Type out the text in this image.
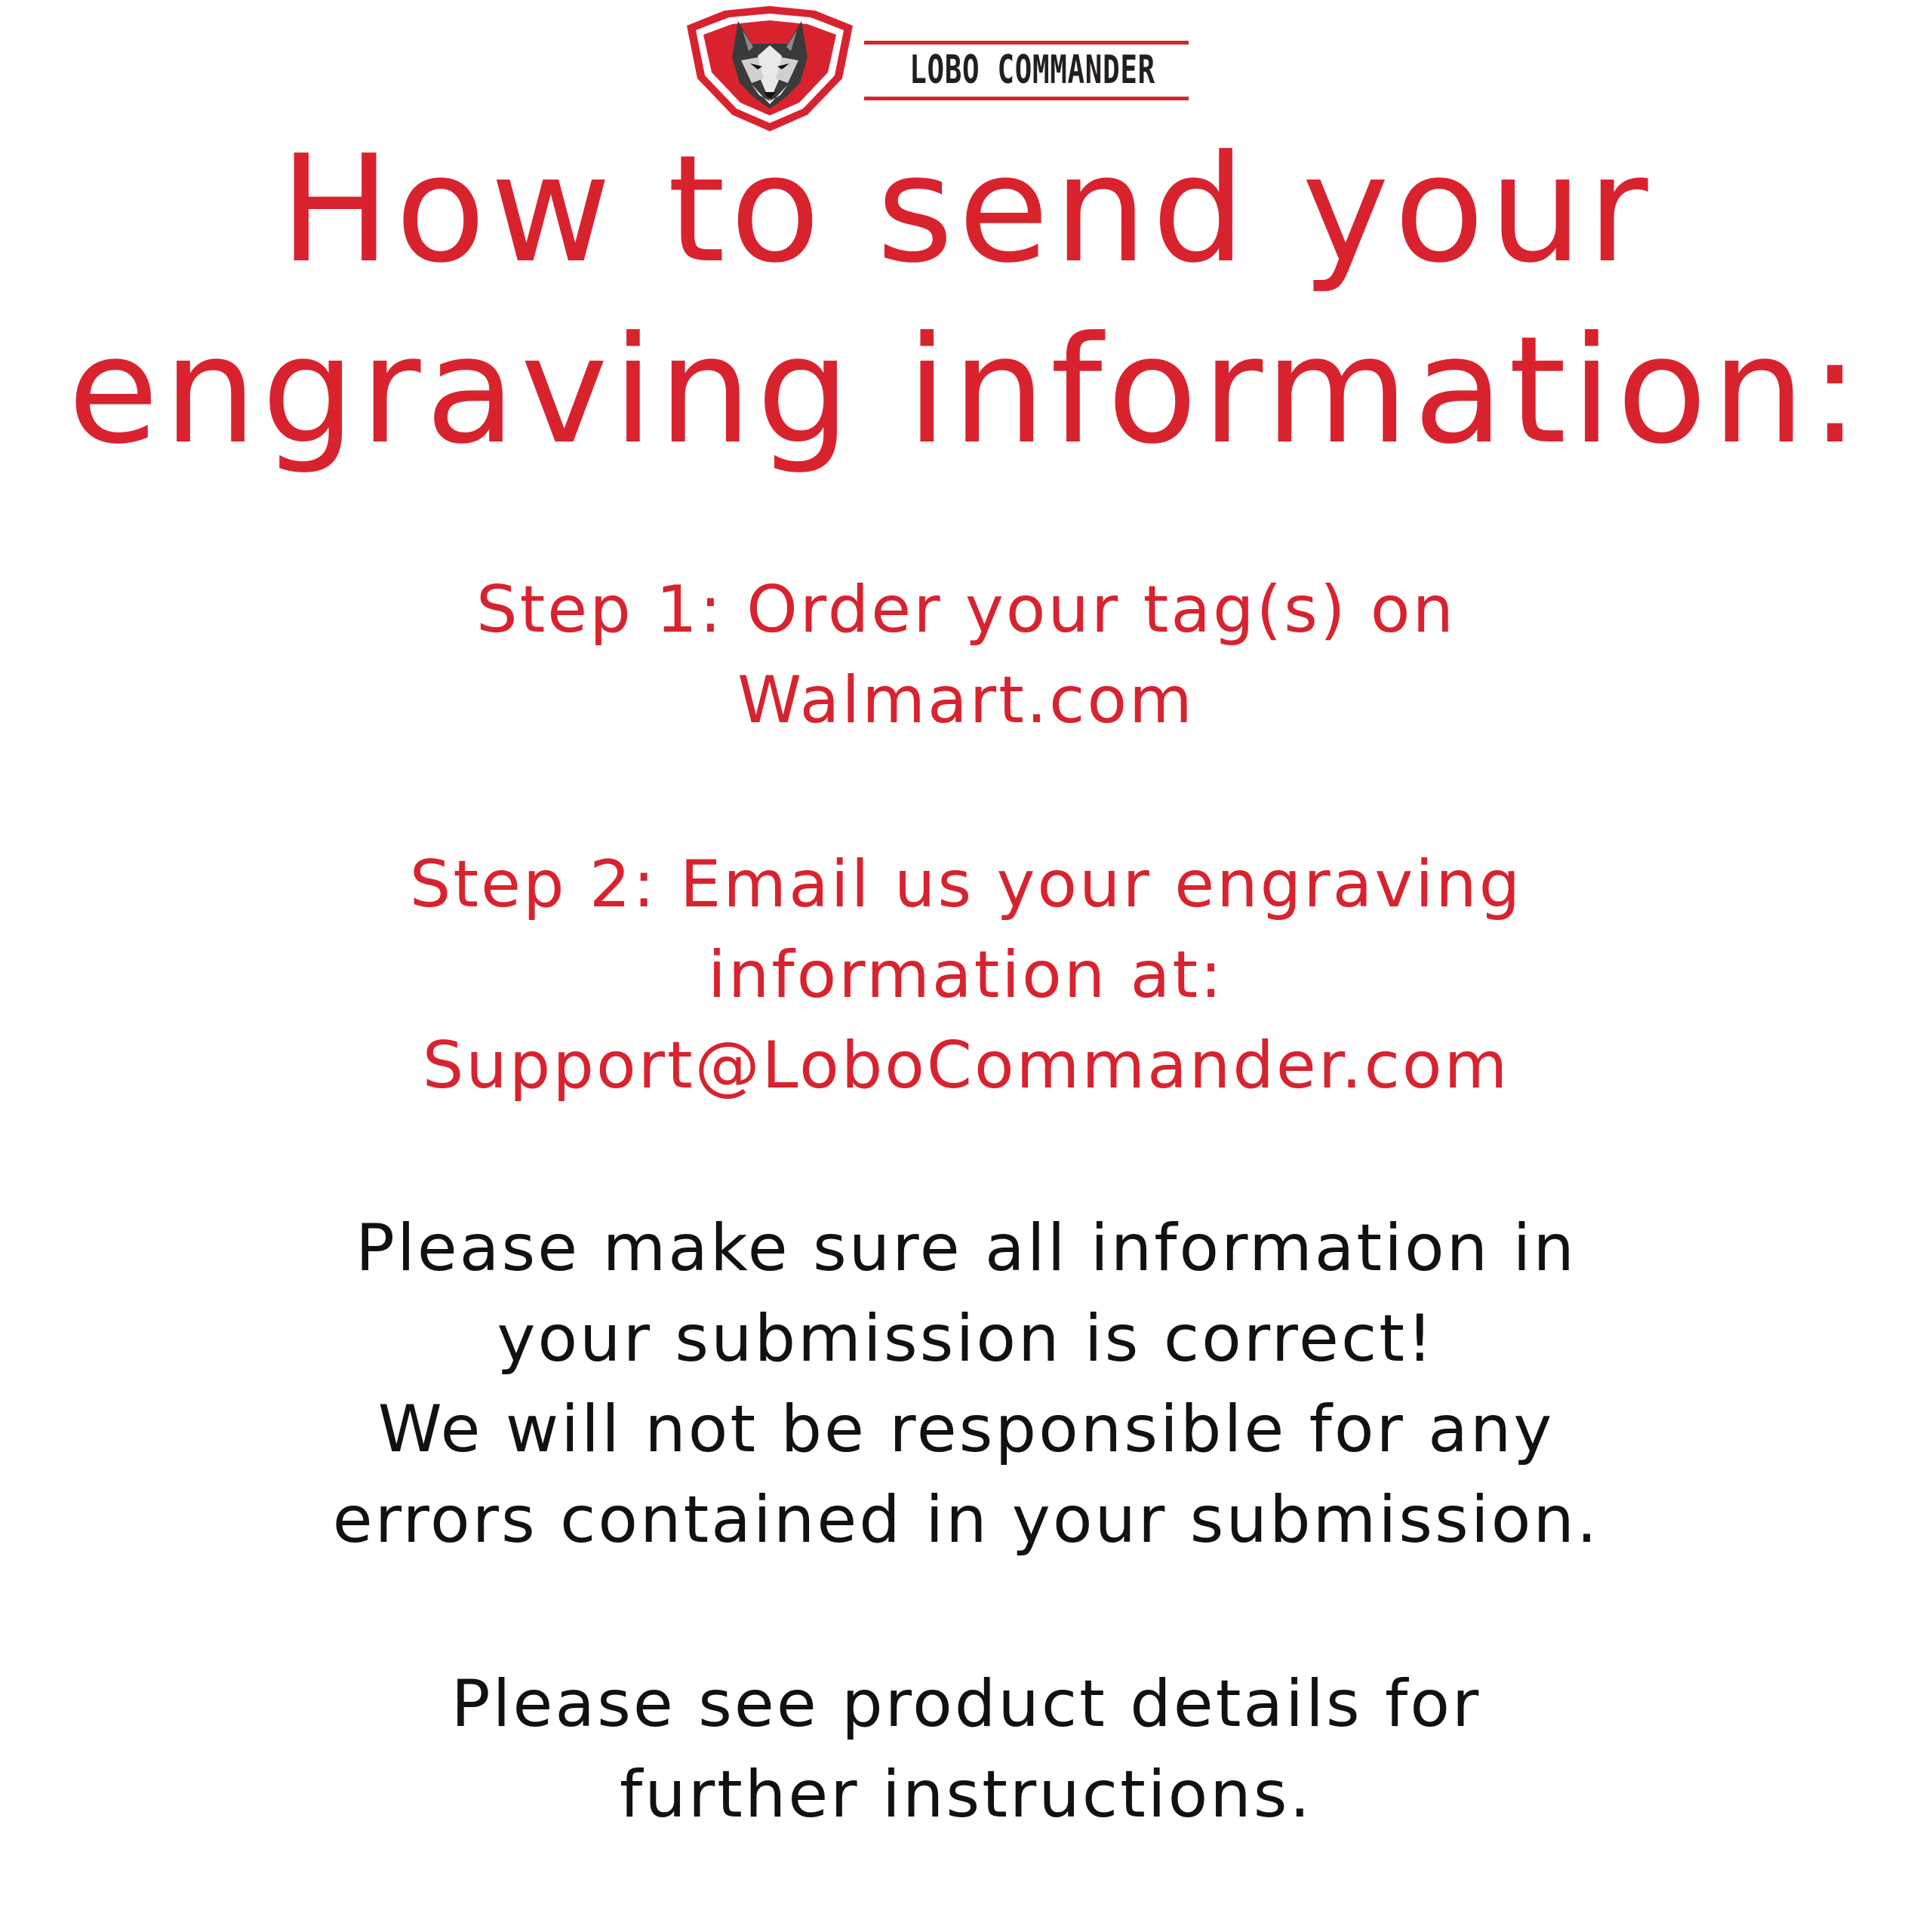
LOBO COMMANDER
How to send your
engraving information:
Step 1: Order your tag(s) on
Walmart.com
Step 2: Email us your engraving
information at:
Support@LoboCommander.com
Please make sure all information in
your submission is correct!
We will not be responsible for any
errors contained in your submission.
Please see product details for
further instructions.
